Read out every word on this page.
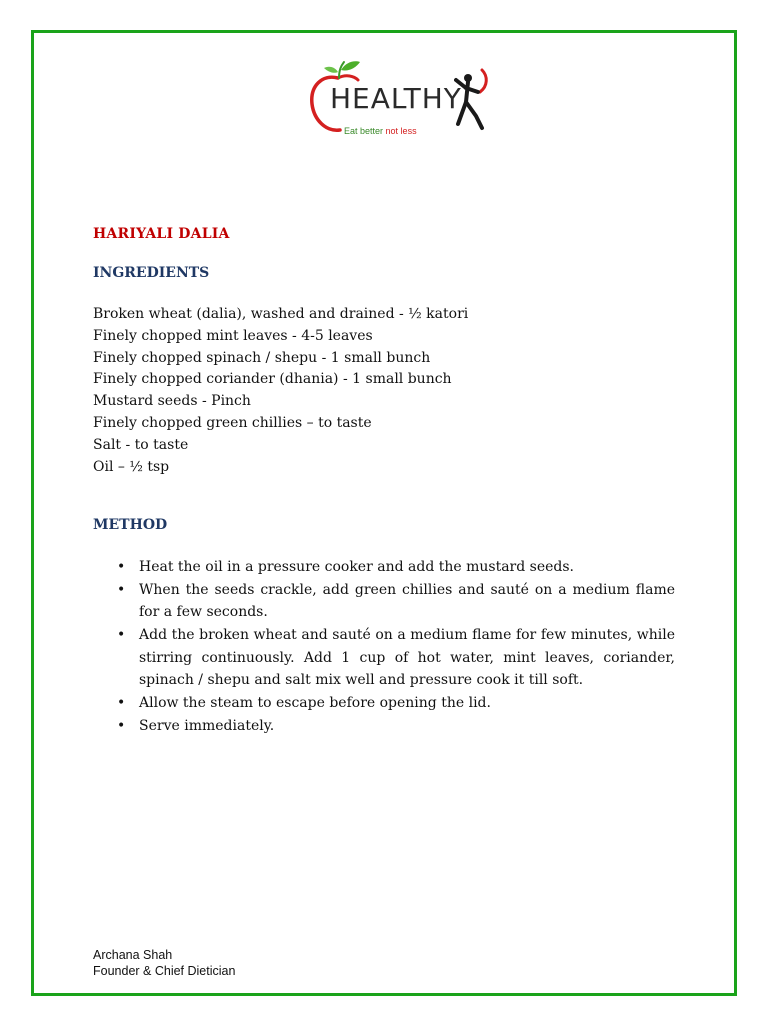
HEALTHY
Eat better not less
HARIYALI DALIA
INGREDIENTS
Broken wheat (dalia), washed and drained - ½ katori
Finely chopped mint leaves - 4-5 leaves
Finely chopped spinach / shepu - 1 small bunch
Finely chopped coriander (dhania) - 1 small bunch
Mustard seeds - Pinch
Finely chopped green chillies – to taste
Salt - to taste
Oil – ½ tsp
METHOD
• Heat the oil in a pressure cooker and add the mustard seeds.
• When the seeds crackle, add green chillies and sauté on a medium flame for a few seconds.
• Add the broken wheat and sauté on a medium flame for few minutes, while stirring continuously. Add 1 cup of hot water, mint leaves, coriander, spinach / shepu and salt mix well and pressure cook it till soft.
• Allow the steam to escape before opening the lid.
• Serve immediately.
Archana Shah
Founder & Chief Dietician
